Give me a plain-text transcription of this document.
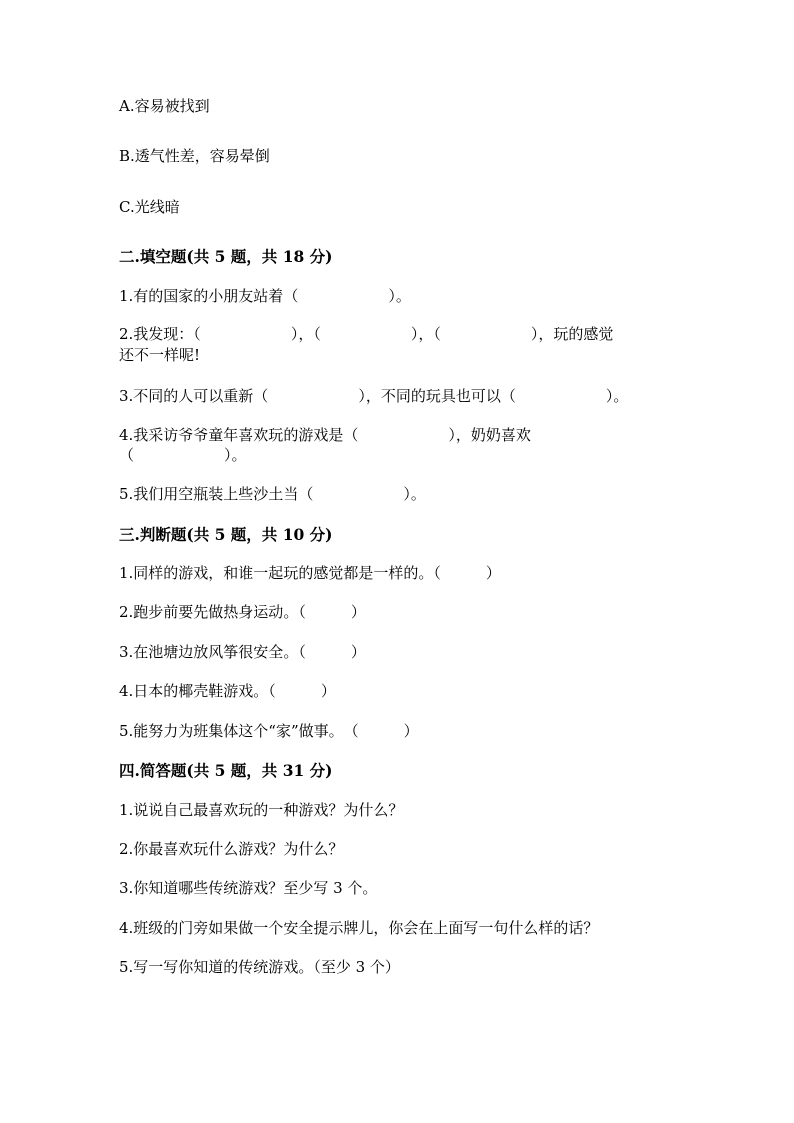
A.容易被找到
B.透气性差，容易晕倒
C.光线暗
二.填空题(共 5 题，共 18 分)
1.有的国家的小朋友站着（　　　　　　）。
2.我发现：（　　　　　　），（　　　　　　），（　　　　　　），玩的感觉
还不一样呢!
3.不同的人可以重新（　　　　　　），不同的玩具也可以（　　　　　　）。
4.我采访爷爷童年喜欢玩的游戏是（　　　　　　），奶奶喜欢
（　　　　　　）。
5.我们用空瓶装上些沙土当（　　　　　　）。
三.判断题(共 5 题，共 10 分)
1.同样的游戏，和谁一起玩的感觉都是一样的。（　　　）
2.跑步前要先做热身运动。（　　　）
3.在池塘边放风筝很安全。（　　　）
4.日本的椰壳鞋游戏。（　　　）
5.能努力为班集体这个“家”做事。　（　　　）
四.简答题(共 5 题，共 31 分)
1.说说自己最喜欢玩的一种游戏？为什么？
2.你最喜欢玩什么游戏？为什么？
3.你知道哪些传统游戏？至少写 3 个。
4.班级的门旁如果做一个安全提示牌儿，你会在上面写一句什么样的话？
5.写一写你知道的传统游戏。（至少 3 个）
